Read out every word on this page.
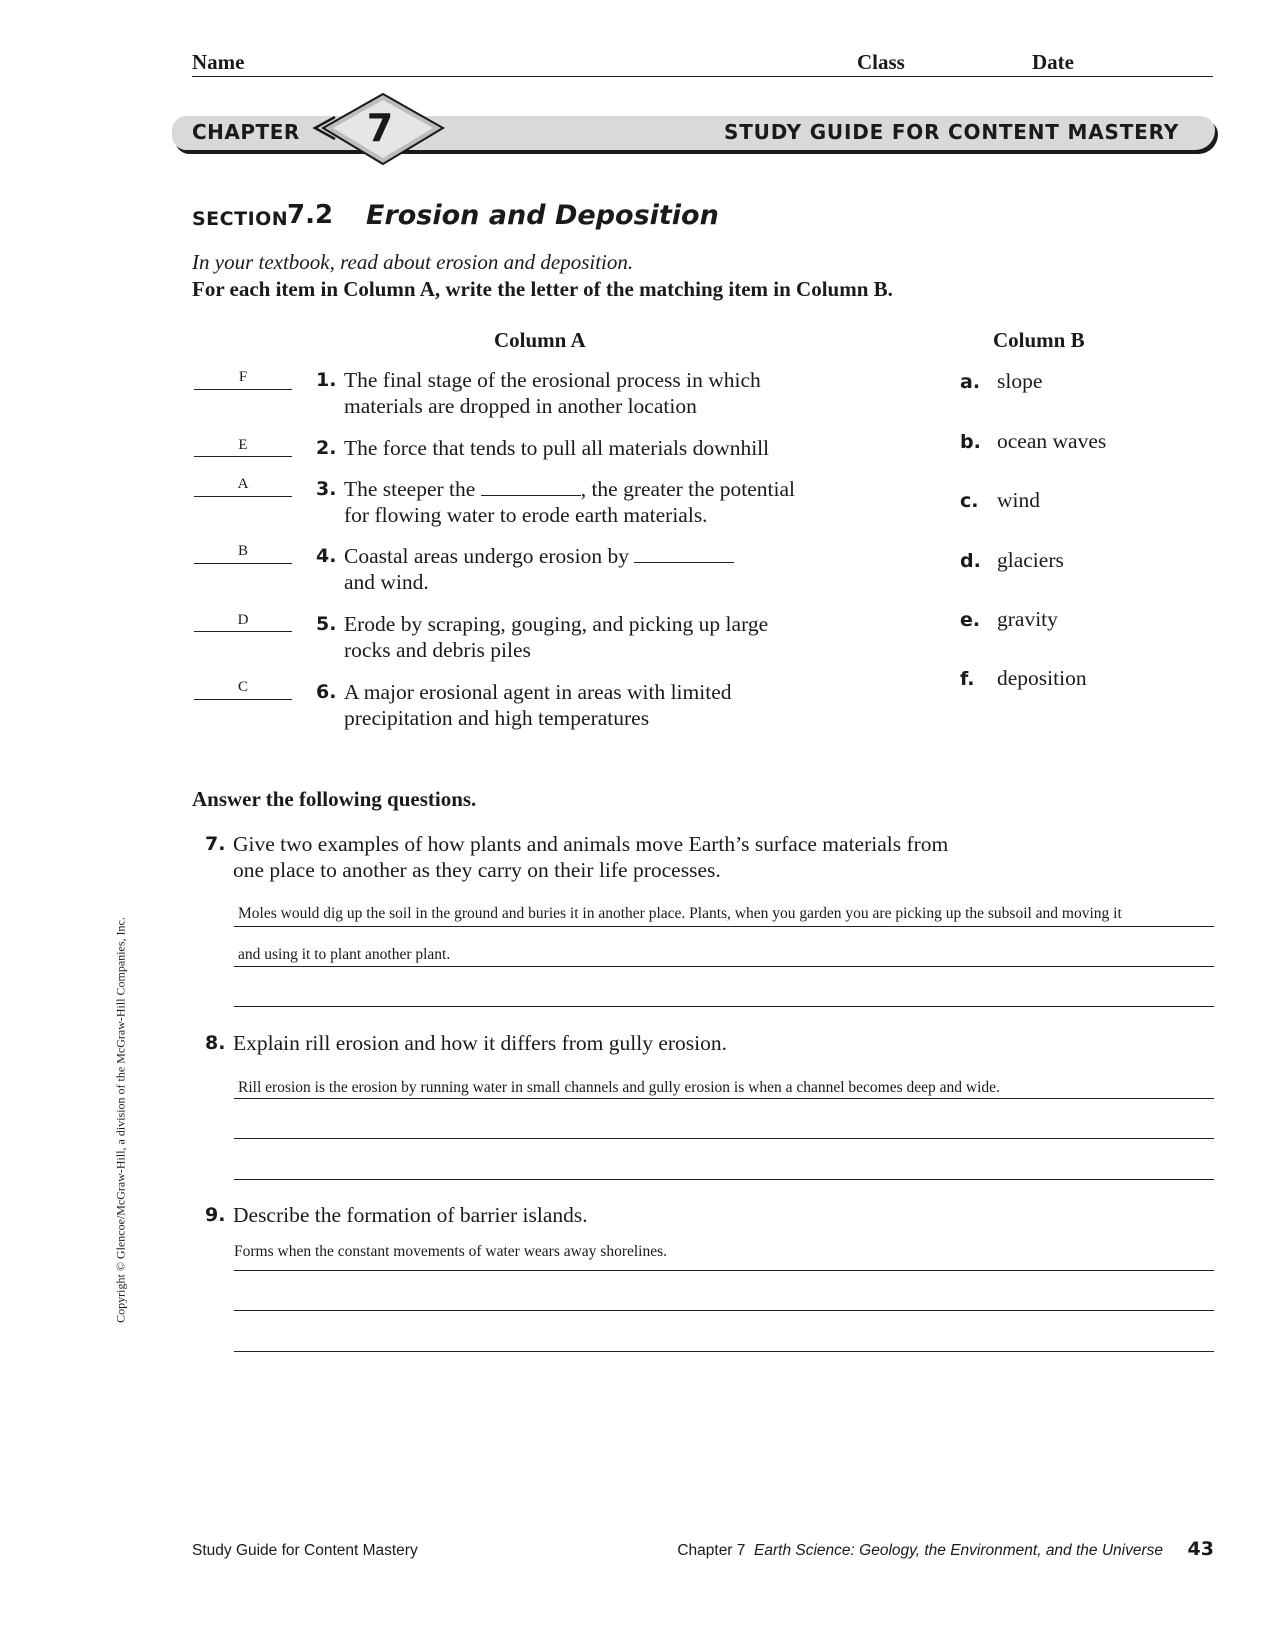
Name	Class	Date
CHAPTER 7	STUDY GUIDE FOR CONTENT MASTERY
SECTION
7.2 Erosion and Deposition
In your textbook, read about erosion and deposition.
For each item in Column A, write the letter of the matching item in Column B.
Column A	Column B
F	1. The final stage of the erosional process in which
materials are dropped in another location
E	2. The force that tends to pull all materials downhill
A	3. The steeper the	, the greater the potential
for flowing water to erode earth materials.
B	4. Coastal areas undergo erosion by
and wind.
D	5. Erode by scraping, gouging, and picking up large
rocks and debris piles
C	6. A major erosional agent in areas with limited
precipitation and high temperatures
a. slope
b. ocean waves
c. wind
d. glaciers
e. gravity
f. deposition
Answer the following questions.
7. Give two examples of how plants and animals move Earth’s surface materials from
one place to another as they carry on their life processes.
Moles would dig up the soil in the ground and buries it in another place. Plants, when you garden you are picking up the subsoil and moving it
and using it to plant another plant.
8. Explain rill erosion and how it differs from gully erosion.
Rill erosion is the erosion by running water in small channels and gully erosion is when a channel becomes deep and wide.
9. Describe the formation of barrier islands.
Forms when the constant movements of water wears away shorelines.
Copyright © Glencoe/McGraw-Hill, a division of the McGraw-Hill Companies, Inc.
Study Guide for Content Mastery	Chapter 7 Earth Science: Geology, the Environment, and the Universe 43
